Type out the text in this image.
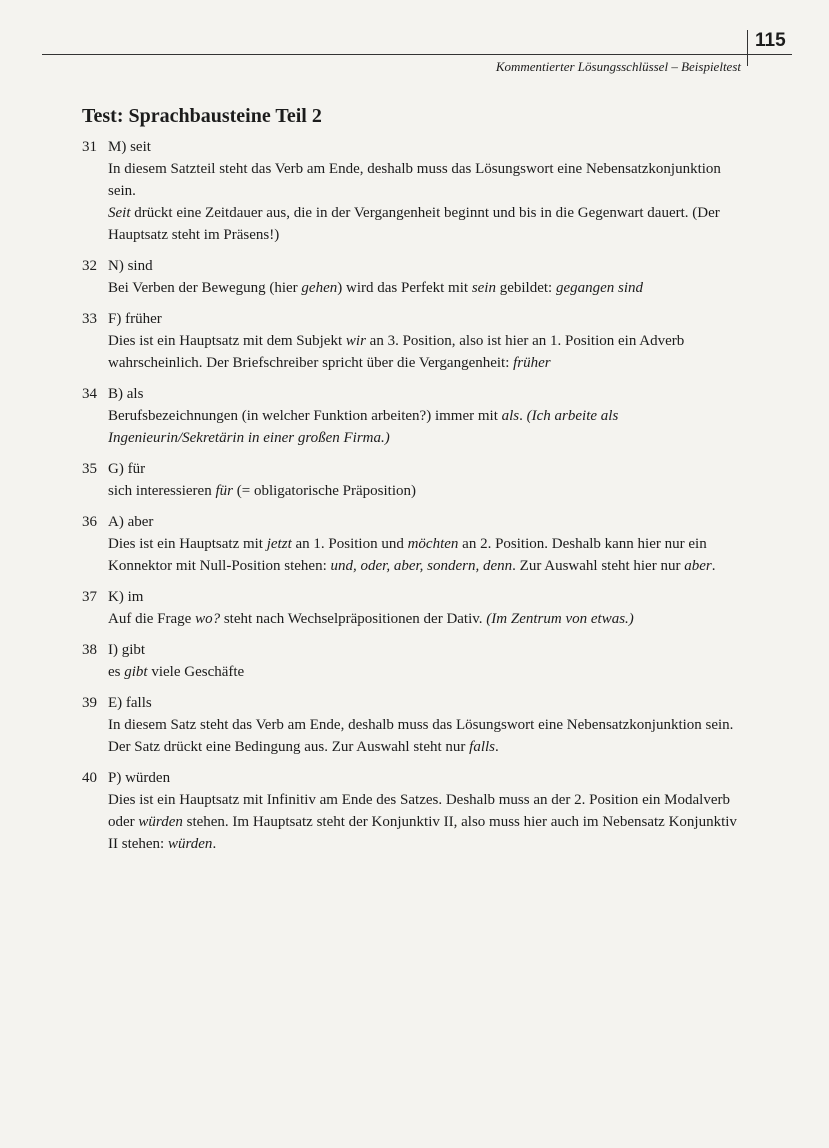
115
Kommentierter Lösungsschlüssel – Beispieltest
Test: Sprachbausteine Teil 2
31 M) seit

In diesem Satzteil steht das Verb am Ende, deshalb muss das Lösungswort eine Nebensatzkonjunktion sein.

Seit drückt eine Zeitdauer aus, die in der Vergangenheit beginnt und bis in die Gegenwart dauert. (Der Hauptsatz steht im Präsens!)

32 N) sind

Bei Verben der Bewegung (hier gehen) wird das Perfekt mit sein gebildet: gegangen sind

33 F) früher

Dies ist ein Hauptsatz mit dem Subjekt wir an 3. Position, also ist hier an 1. Position ein Adverb wahrscheinlich. Der Briefschreiber spricht über die Vergangenheit: früher

34 B) als

Berufsbezeichnungen (in welcher Funktion arbeiten?) immer mit als. (Ich arbeite als Ingenieurin/Sekretärin in einer großen Firma.)

35 G) für

sich interessieren für (= obligatorische Präposition)

36 A) aber

Dies ist ein Hauptsatz mit jetzt an 1. Position und möchten an 2. Position. Deshalb kann hier nur ein Konnektor mit Null-Position stehen: und, oder, aber, sondern, denn. Zur Auswahl steht hier nur aber.

37 K) im

Auf die Frage wo? steht nach Wechselpräpositionen der Dativ. (Im Zentrum von etwas.)

38 I) gibt

es gibt viele Geschäfte

39 E) falls

In diesem Satz steht das Verb am Ende, deshalb muss das Lösungswort eine Nebensatzkonjunktion sein. Der Satz drückt eine Bedingung aus. Zur Auswahl steht nur falls.

40 P) würden

Dies ist ein Hauptsatz mit Infinitiv am Ende des Satzes. Deshalb muss an der 2. Position ein Modalverb oder würden stehen. Im Hauptsatz steht der Konjunktiv II, also muss hier auch im Nebensatz Konjunktiv II stehen: würden.
